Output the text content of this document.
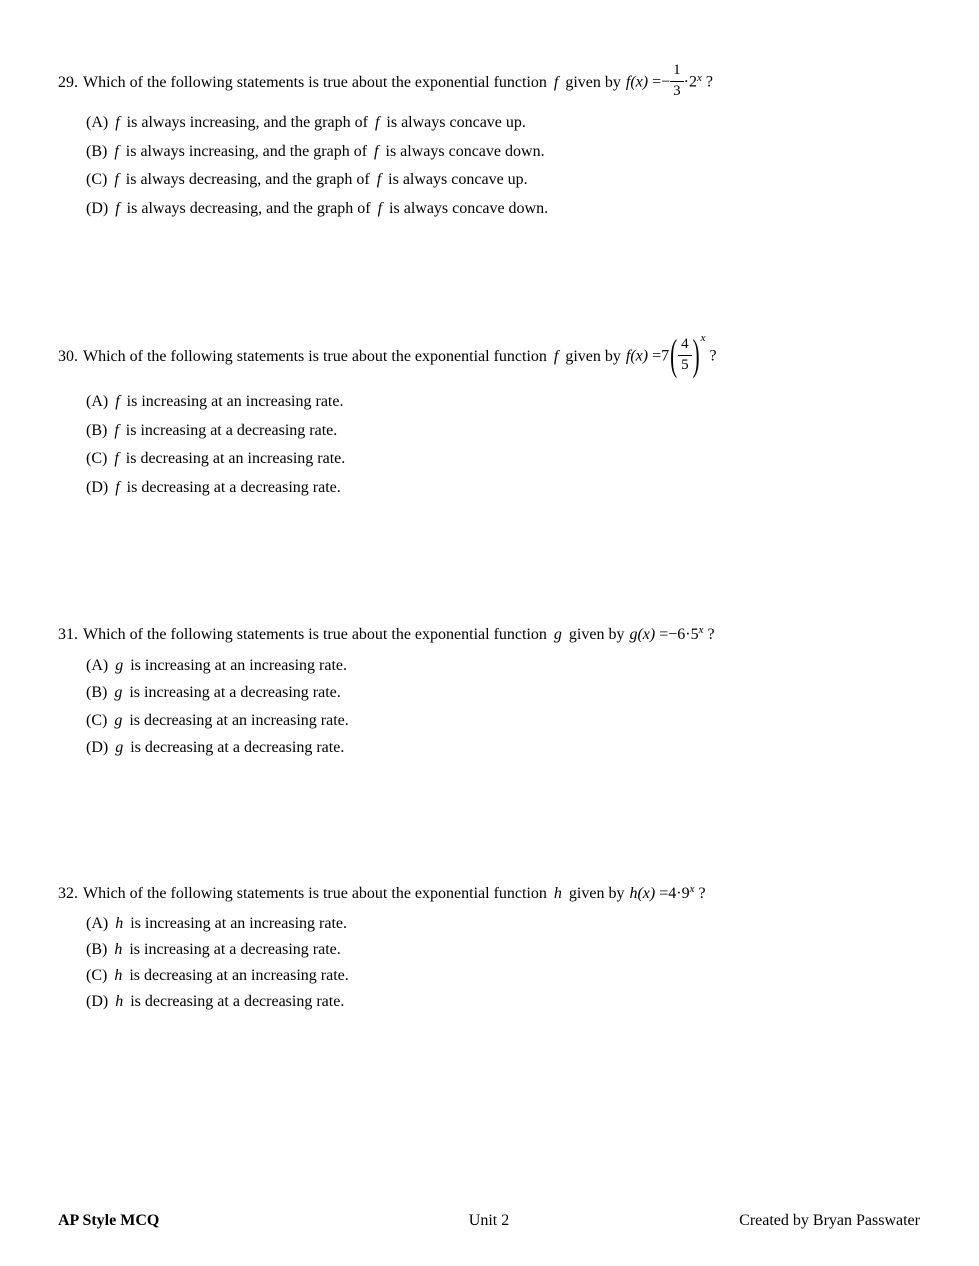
29. Which of the following statements is true about the exponential function f given by $f(x) =- \frac{1}{3} \cdot 2^x$ ?
(A) f is always increasing, and the graph of f is always concave up.
(B) f is always increasing, and the graph of f is always concave down.
(C) f is always decreasing, and the graph of f is always concave up.
(D) f is always decreasing, and the graph of f is always concave down.
30. Which of the following statements is true about the exponential function f given by $f(x) =7( \frac{4}{5} )^x$ ?
(A) f is increasing at an increasing rate.
(B) f is increasing at a decreasing rate.
(C) f is decreasing at an increasing rate.
(D) f is decreasing at a decreasing rate.
31. Which of the following statements is true about the exponential function g given by $g(x) =-6\cdot 5^x$ ?
(A) g is increasing at an increasing rate.
(B) g is increasing at a decreasing rate.
(C) g is decreasing at an increasing rate.
(D) g is decreasing at a decreasing rate.
32. Which of the following statements is true about the exponential function h given by $h(x) =4\cdot 9^x$ ?
(A) h is increasing at an increasing rate.
(B) h is increasing at a decreasing rate.
(C) h is decreasing at an increasing rate.
(D) h is decreasing at a decreasing rate.
AP Style MCQ	Unit 2	Created by Bryan Passwater
